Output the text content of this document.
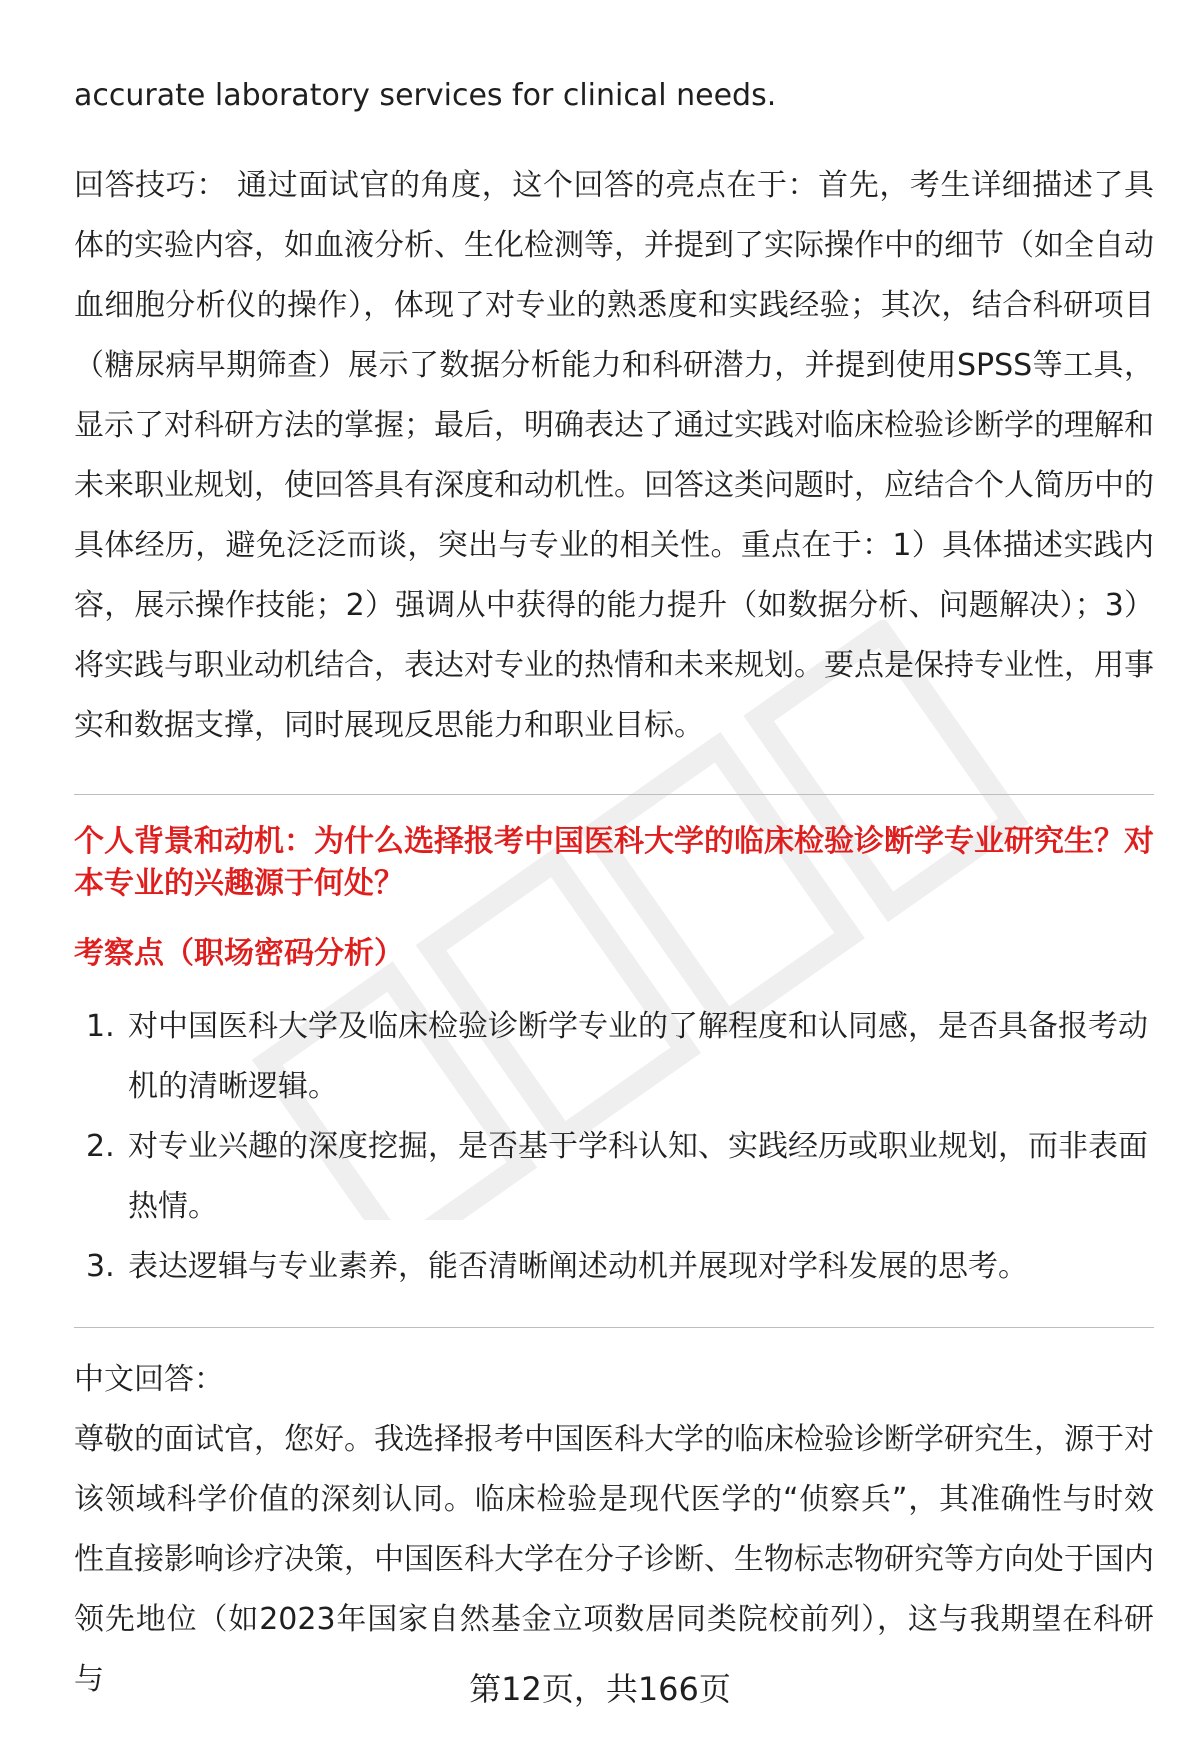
accurate laboratory services for clinical needs.

回答技巧： 通过面试官的角度，这个回答的亮点在于：首先，考生详细描述了具体的实验内容，如血液分析、生化检测等，并提到了实际操作中的细节（如全自动血细胞分析仪的操作），体现了对专业的熟悉度和实践经验；其次，结合科研项目（糖尿病早期筛查）展示了数据分析能力和科研潜力，并提到使用SPSS等工具，显示了对科研方法的掌握；最后，明确表达了通过实践对临床检验诊断学的理解和未来职业规划，使回答具有深度和动机性。回答这类问题时，应结合个人简历中的具体经历，避免泛泛而谈，突出与专业的相关性。重点在于：1）具体描述实践内容，展示操作技能；2）强调从中获得的能力提升（如数据分析、问题解决）；3）将实践与职业动机结合，表达对专业的热情和未来规划。要点是保持专业性，用事实和数据支撑，同时展现反思能力和职业目标。

个人背景和动机：为什么选择报考中国医科大学的临床检验诊断学专业研究生？对本专业的兴趣源于何处？
考察点（职场密码分析）
1. 对中国医科大学及临床检验诊断学专业的了解程度和认同感，是否具备报考动机的清晰逻辑。
2. 对专业兴趣的深度挖掘，是否基于学科认知、实践经历或职业规划，而非表面热情。
3. 表达逻辑与专业素养，能否清晰阐述动机并展现对学科发展的思考。

中文回答：

尊敬的面试官，您好。我选择报考中国医科大学的临床检验诊断学研究生，源于对该领域科学价值的深刻认同。临床检验是现代医学的“侦察兵”，其准确性与时效性直接影响诊疗决策，中国医科大学在分子诊断、生物标志物研究等方向处于国内领先地位（如2023年国家自然基金立项数居同类院校前列），这与我期望在科研与	第12页，共166页
